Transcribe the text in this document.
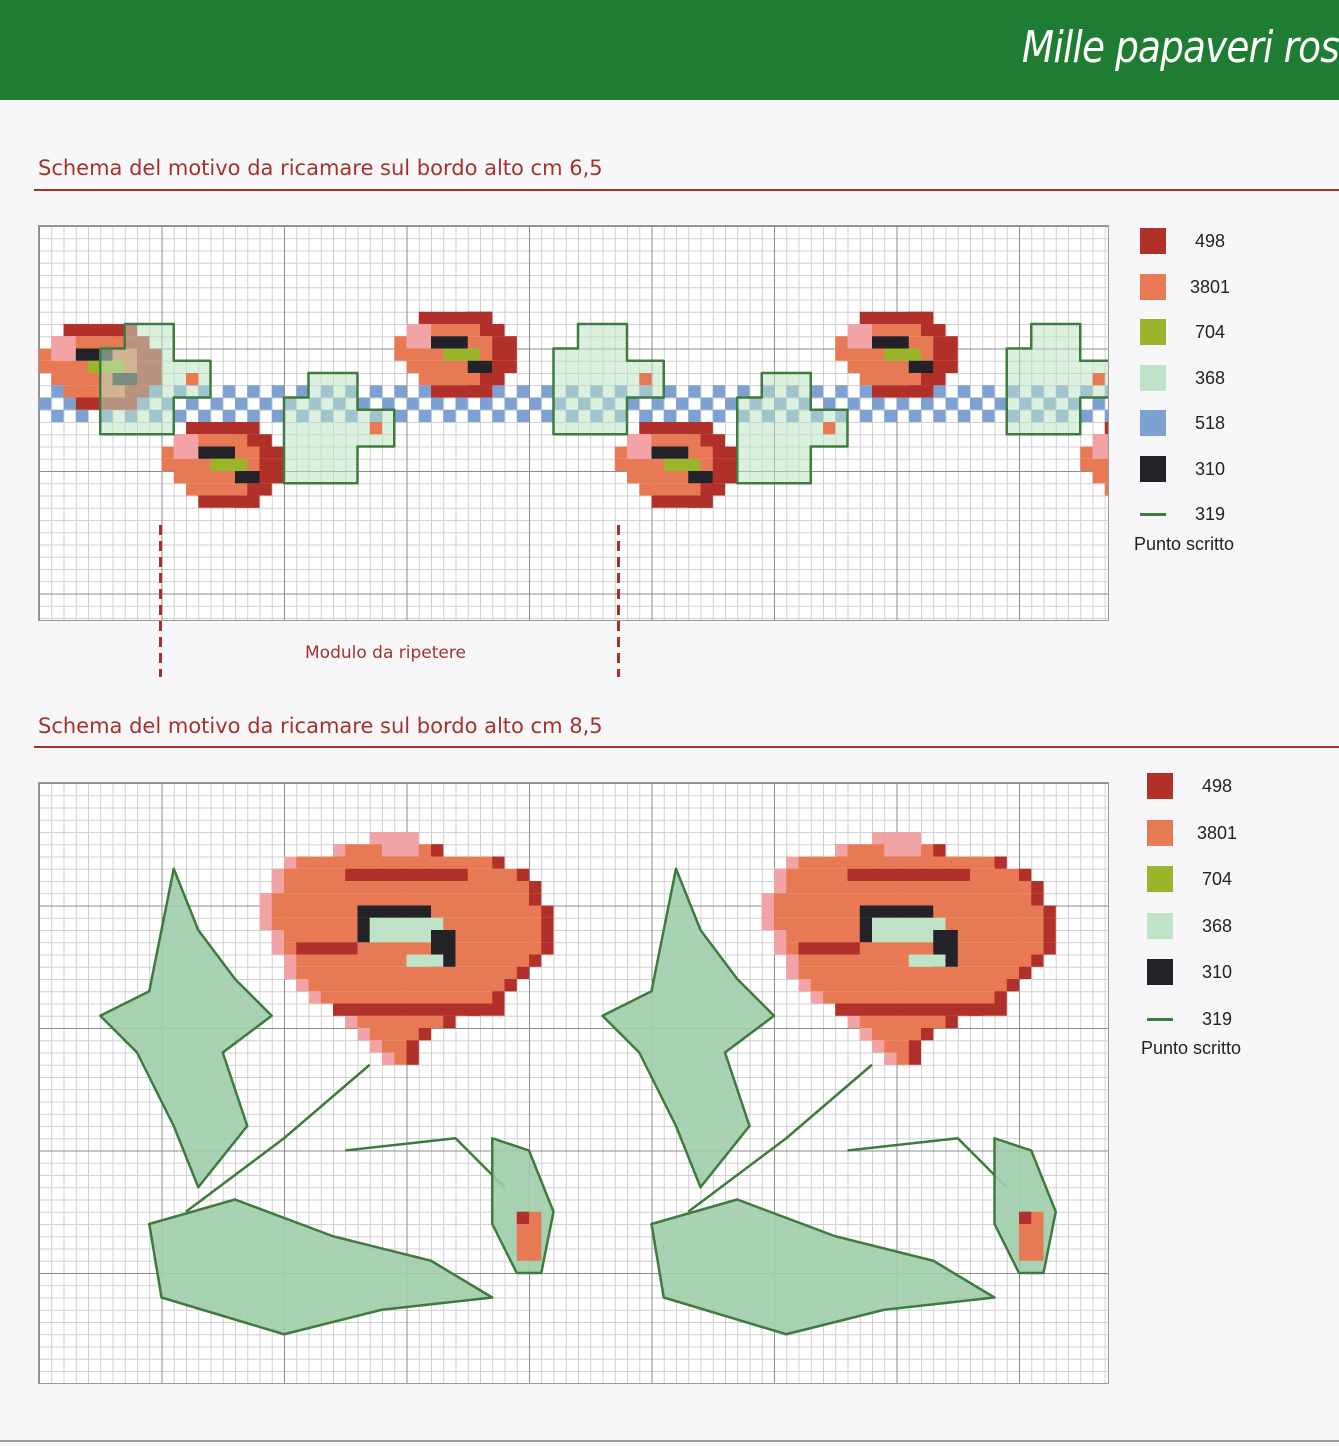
Mille papaveri ros
Schema del motivo da ricamare sul bordo alto cm 6,5
498
3801
704
368
518
310
319
Punto scritto
Modulo da ripetere
Schema del motivo da ricamare sul bordo alto cm 8,5
498
3801
704
368
310
319
Punto scritto
